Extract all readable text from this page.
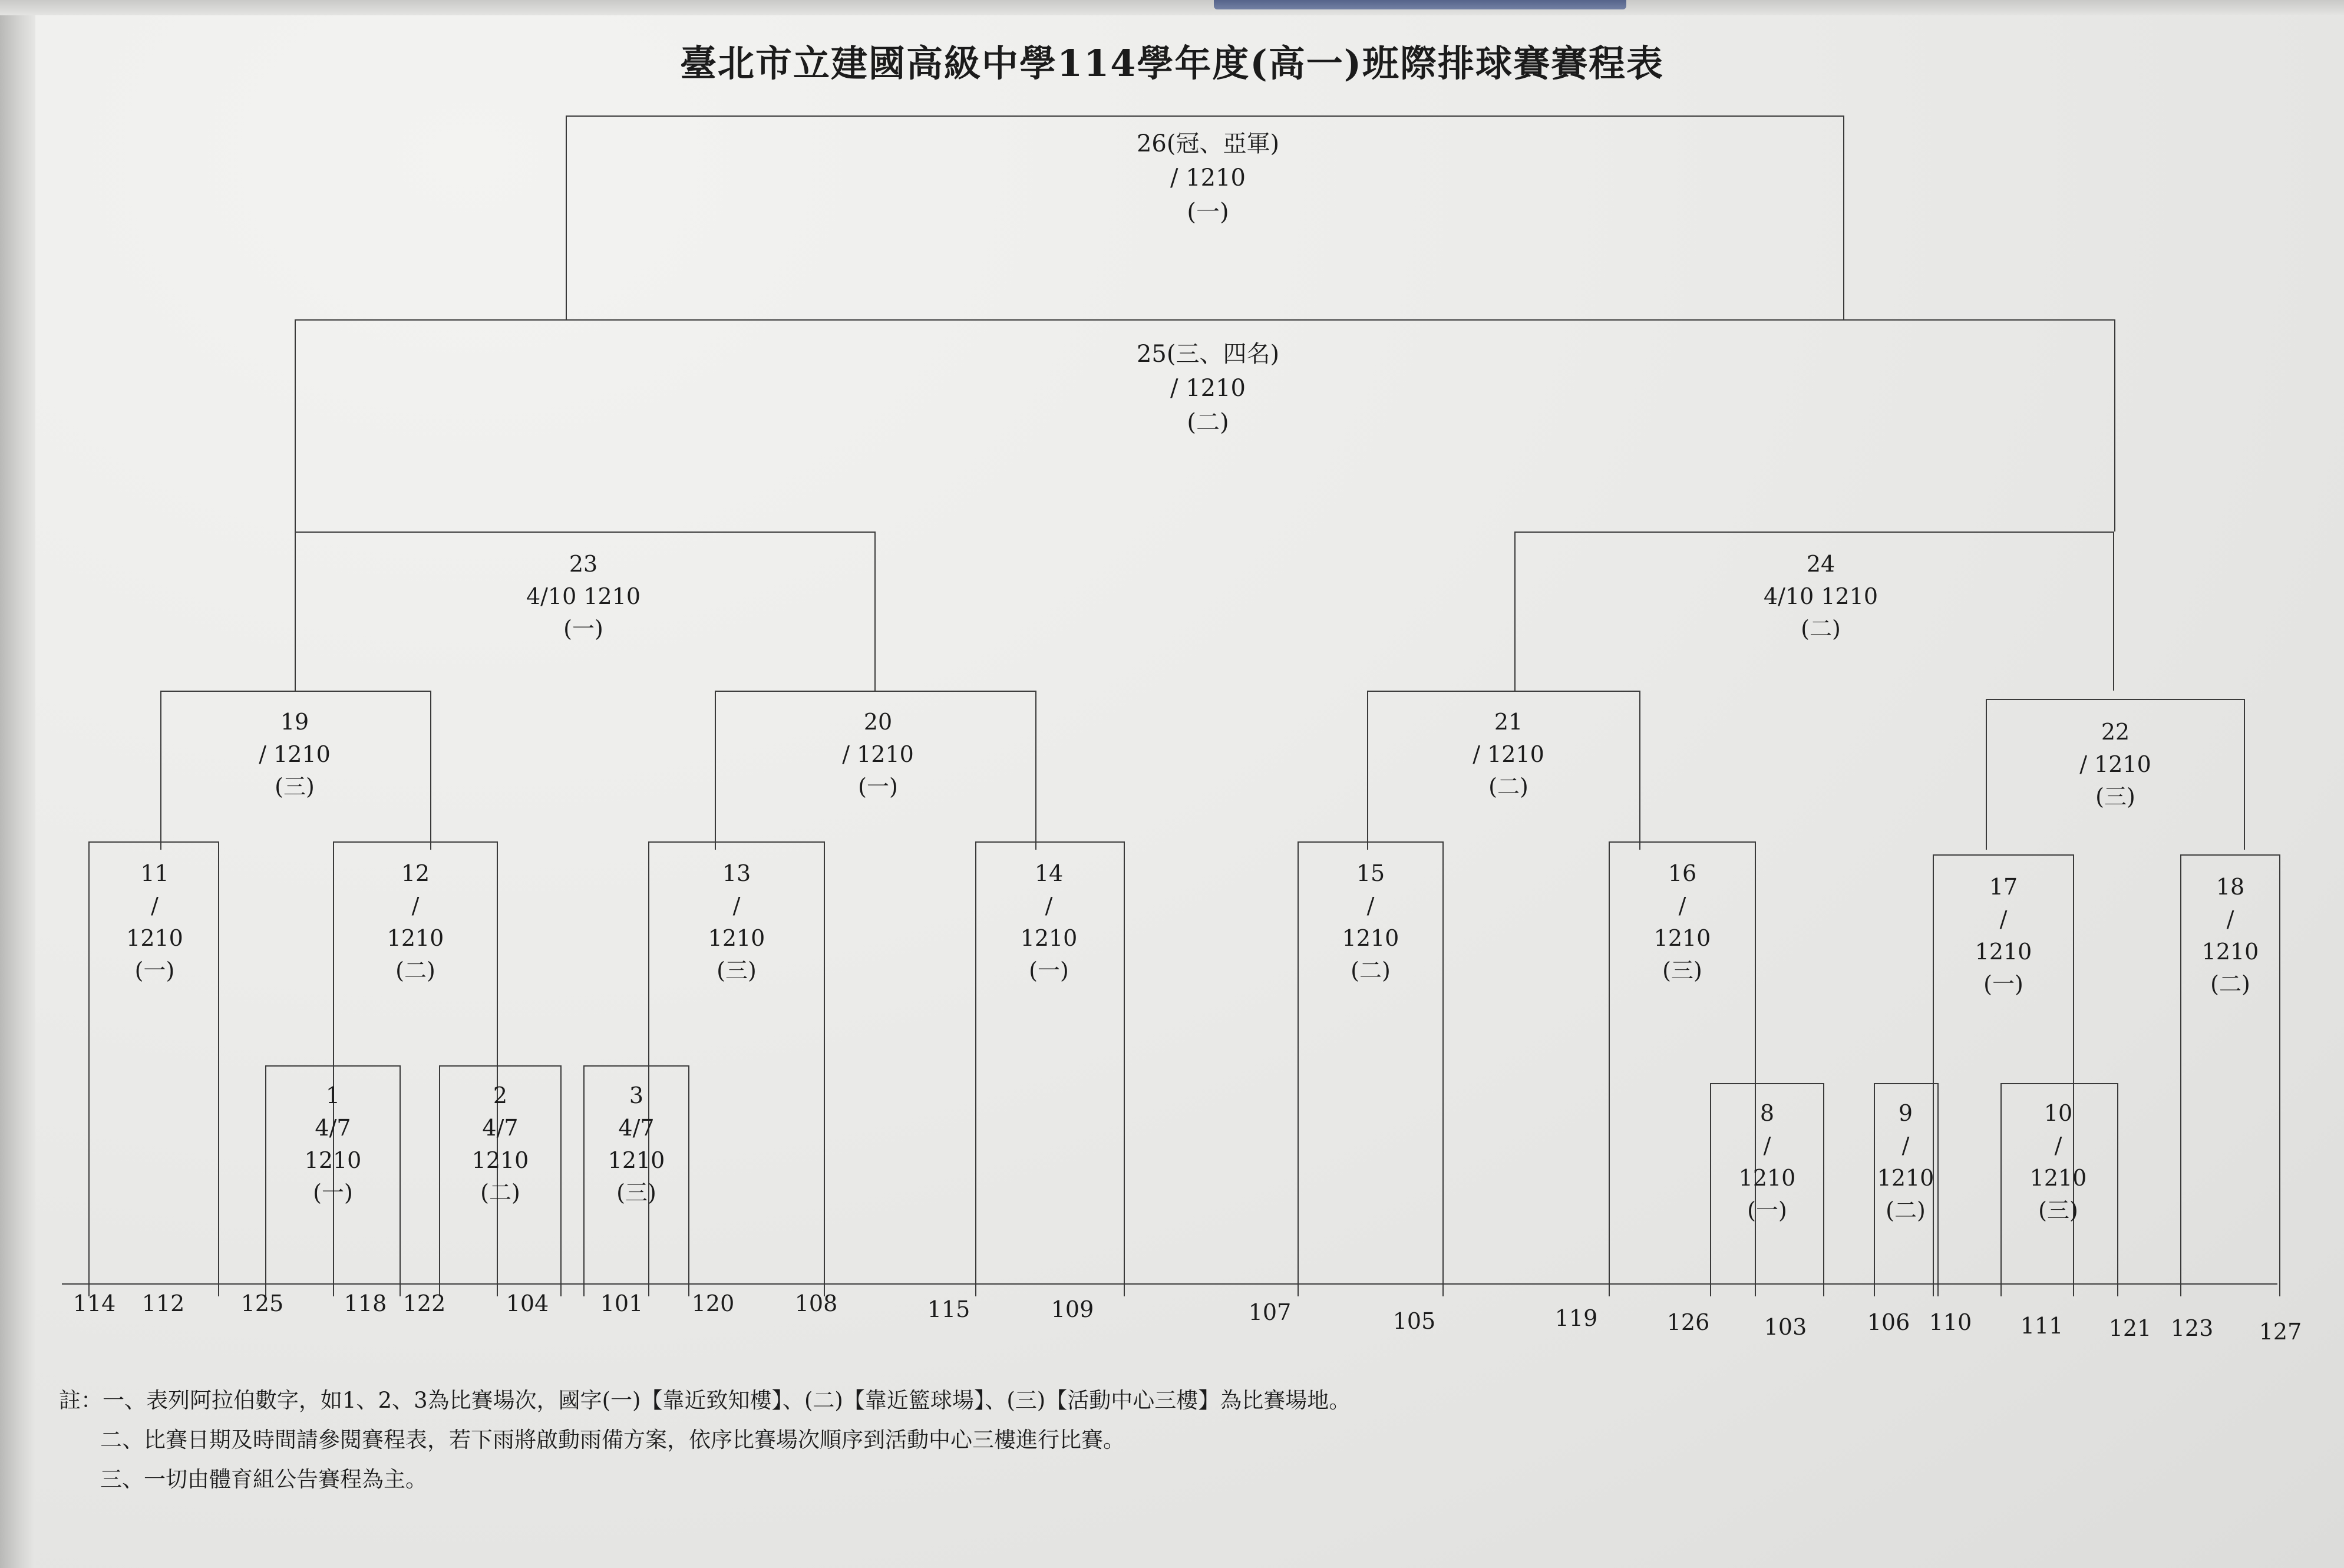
臺北市立建國高級中學114學年度(高一)班際排球賽賽程表
26(冠、亞軍)
/ 1210
(一)
25(三、四名)
/ 1210
(二)
23
4/10 1210
(一)
24
4/10 1210
(二)
19
/ 1210
(三)
20
/ 1210
(一)
21
/ 1210
(二)
22
/ 1210
(三)
11
/
1210
(一)
12
/
1210
(二)
13
/
1210
(三)
14
/
1210
(一)
15
/
1210
(二)
16
/
1210
(三)
17
/
1210
(一)
18
/
1210
(二)
1
4/7
1210
(一)
2
4/7
1210
(二)
3
4/7
1210
(三)
8
/
1210
(一)
9
/
1210
(二)
10
/
1210
(三)
114	112	125	118 122	104	101	120	108	115	109	107	105	119	126	103	106 110	111	121 123	127
註：一、表列阿拉伯數字，如1、2、3為比賽場次，國字(一)【靠近致知樓】、(二)【靠近籃球場】、(三)【活動中心三樓】為比賽場地。
二、比賽日期及時間請參閱賽程表，若下雨將啟動雨備方案，依序比賽場次順序到活動中心三樓進行比賽。
三、一切由體育組公告賽程為主。
